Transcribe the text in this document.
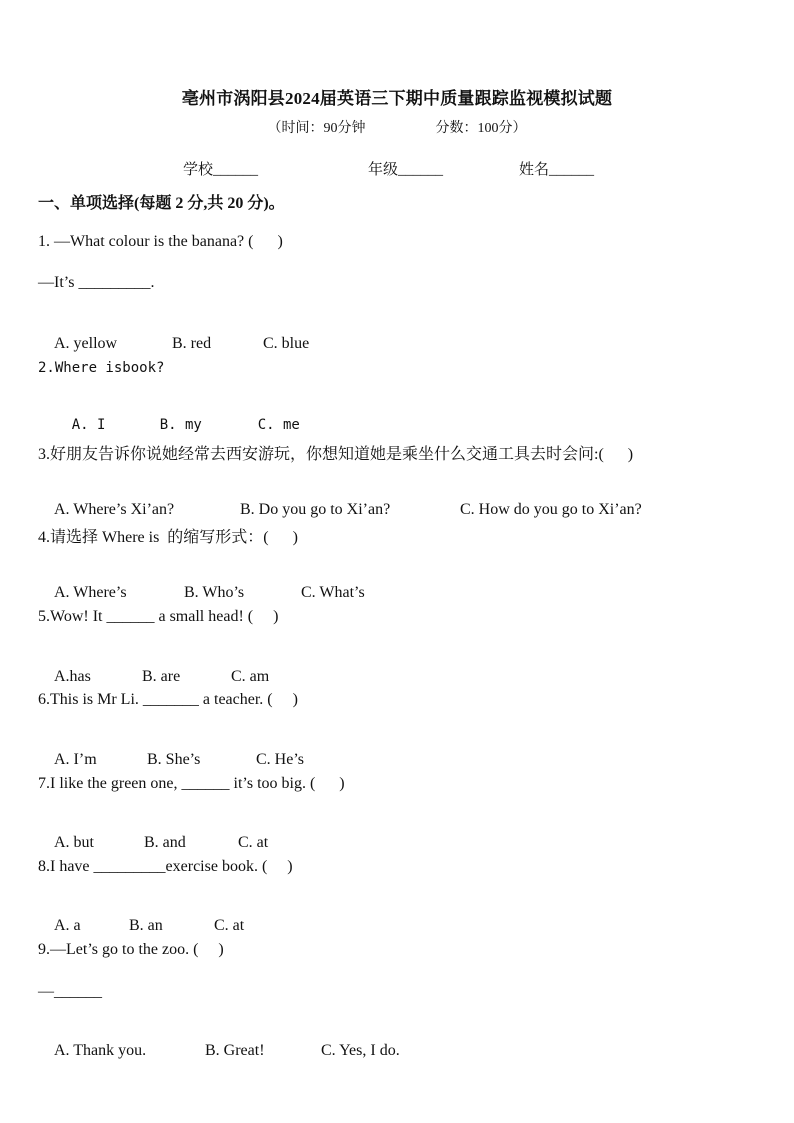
亳州市涡阳县2024届英语三下期中质量跟踪监视模拟试题
（时间：90分钟                    分数：100分）
学校______	年级______	姓名______
一、单项选择(每题 2 分,共 20 分)。
1. —What colour is the banana? (      )
—It’s _________.

A. yellow	B. red	C. blue

2.Where isbook?

A. I	B. my	C. me

3.好朋友告诉你说她经常去西安游玩，你想知道她是乘坐什么交通工具去时会问:(      )

A. Where’s Xi’an?	B. Do you go to Xi’an?	C. How do you go to Xi’an?

4.请选择 Where is  的缩写形式：(      )

A. Where’s	B. Who’s	C. What’s

5.Wow! It ______ a small head! (     )

A.has	B. are	C. am

6.This is Mr Li. _______ a teacher. (     )

A. I’m	B. She’s	C. He’s

7.I like the green one, ______ it’s too big. (      )

A. but	B. and	C. at

8.I have _________exercise book. (     )

A. a	B. an	C. at

9.—Let’s go to the zoo. (     )
—______

A. Thank you.	B. Great!	C. Yes, I do.
